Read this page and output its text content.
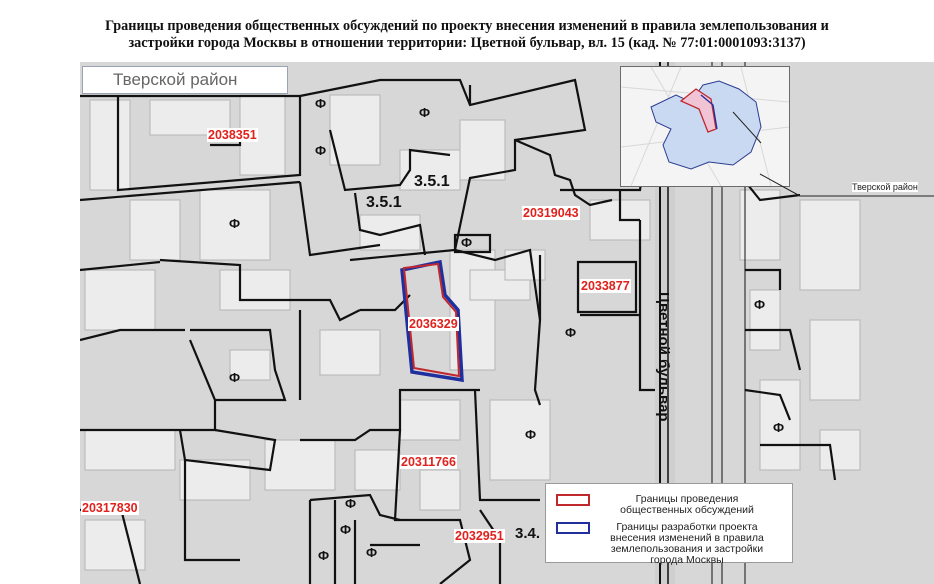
Границы проведения общественных обсуждений по проекту внесения изменений в правила землепользования и
застройки города Москвы в отношении территории: Цветной бульвар, вл. 15 (кад. № 77:01:0001093:3137)
Тверской район
2038351
20319043
2033877
2036329
20311766
20317830
2032951
3.5.1
3.5.1
3.4.
Ф
Ф
Ф
Ф
Ф
Ф
Ф
Ф
Ф
Ф
Ф
Ф
Ф
Ф
Цветной бульвар
Тверской район
Границы проведения общественных обсуждений
Границы разработки проекта внесения изменений в правила землепользования и застройки города Москвы
